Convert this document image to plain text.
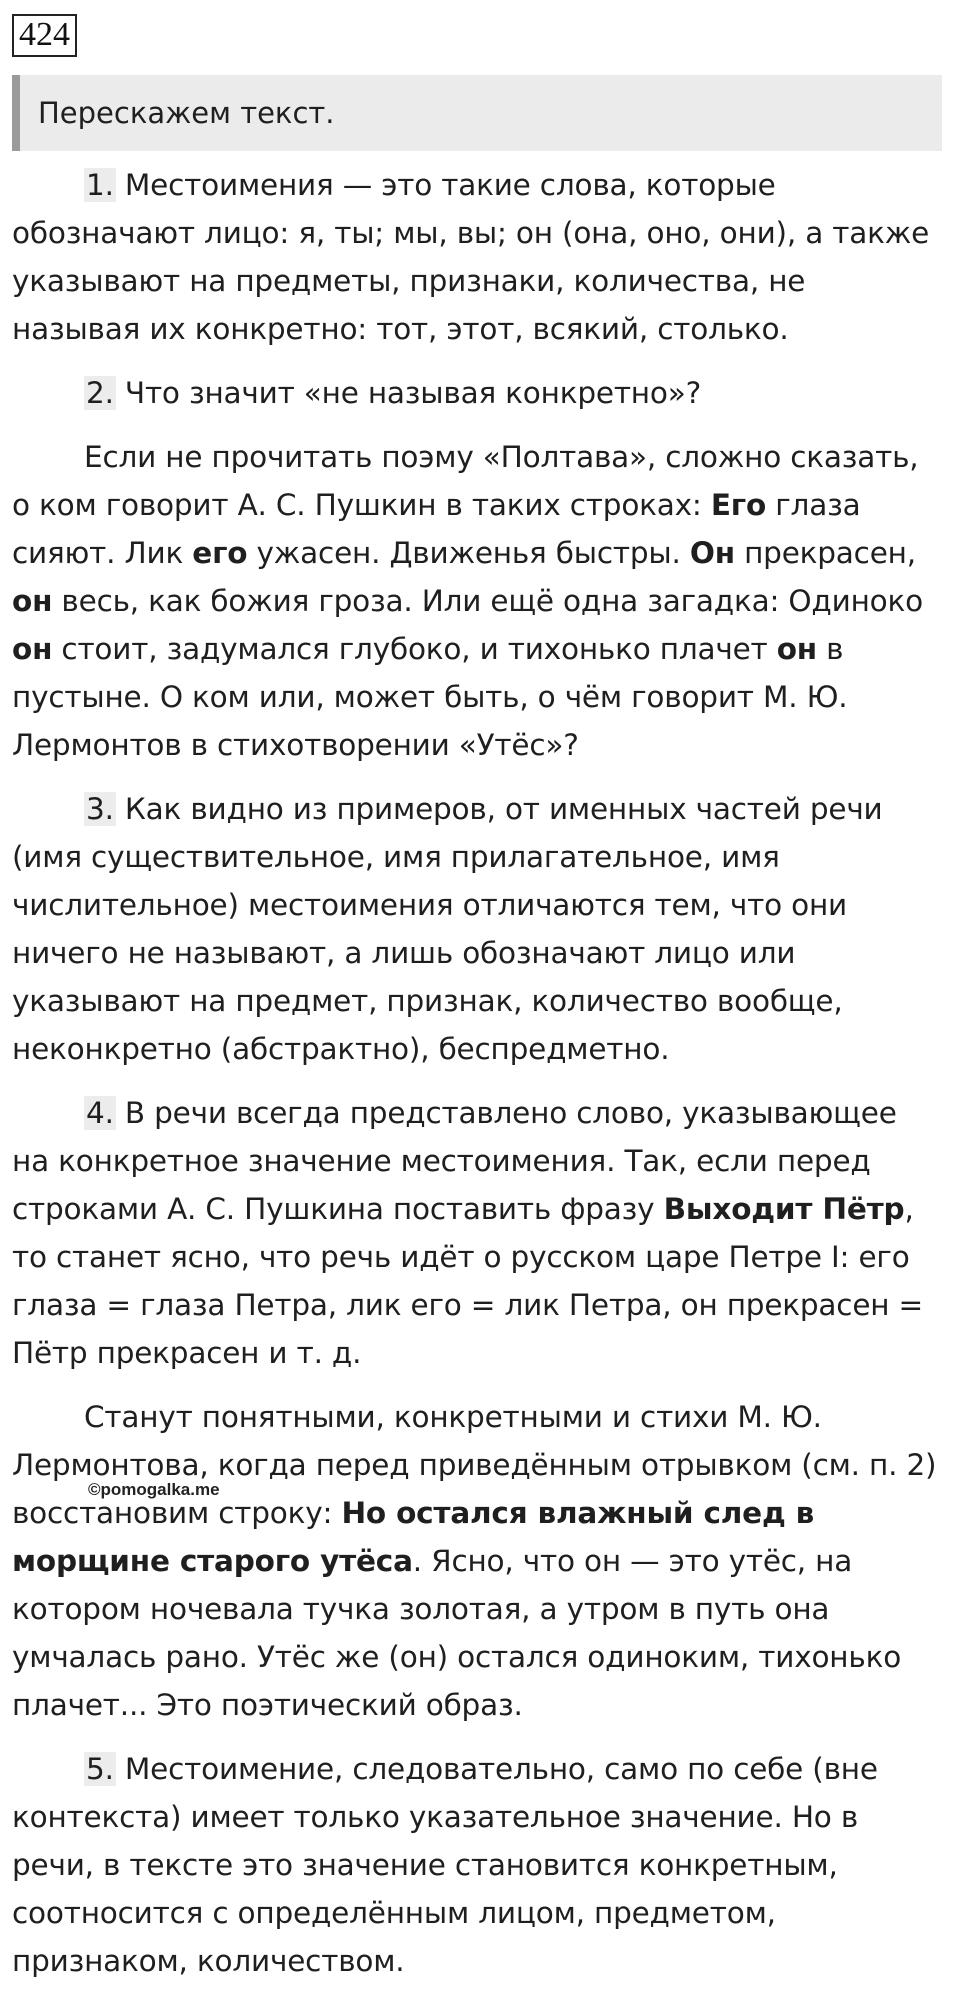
424
Перескажем текст.

1. Местоимения — это такие слова, которые обозначают лицо: я, ты; мы, вы; он (она, оно, они), а также указывают на предметы, признаки, количества, не называя их конкретно: тот, этот, всякий, столько.

2. Что значит «не называя конкретно»?

Если не прочитать поэму «Полтава», сложно сказать, о ком говорит А. С. Пушкин в таких строках: Его глаза сияют. Лик его ужасен. Движенья быстры. Он прекрасен, он весь, как божия гроза. Или ещё одна загадка: Одиноко он стоит, задумался глубоко, и тихонько плачет он в пустыне. О ком или, может быть, о чём говорит М. Ю. Лермонтов в стихотворении «Утёс»?

3. Как видно из примеров, от именных частей речи (имя существительное, имя прилагательное, имя числительное) местоимения отличаются тем, что они ничего не называют, а лишь обозначают лицо или указывают на предмет, признак, количество вообще, неконкретно (абстрактно), беспредметно.

4. В речи всегда представлено слово, указывающее на конкретное значение местоимения. Так, если перед строками А. С. Пушкина поставить фразу Выходит Пётр, то станет ясно, что речь идёт о русском царе Петре I: его глаза = глаза Петра, лик его = лик Петра, он прекрасен = Пётр прекрасен и т. д.

Станут понятными, конкретными и стихи М. Ю. Лермонтова, когда перед приведённым отрывком (см. п. 2) восстановим строку: Но остался влажный след в морщине старого утёса. Ясно, что он — это утёс, на котором ночевала тучка золотая, а утром в путь она умчалась рано. Утёс же (он) остался одиноким, тихонько плачет... Это поэтический образ.

5. Местоимение, следовательно, само по себе (вне контекста) имеет только указательное значение. Но в речи, в тексте это значение становится конкретным, соотносится с определённым лицом, предметом, признаком, количеством.

©pomogalka.me
